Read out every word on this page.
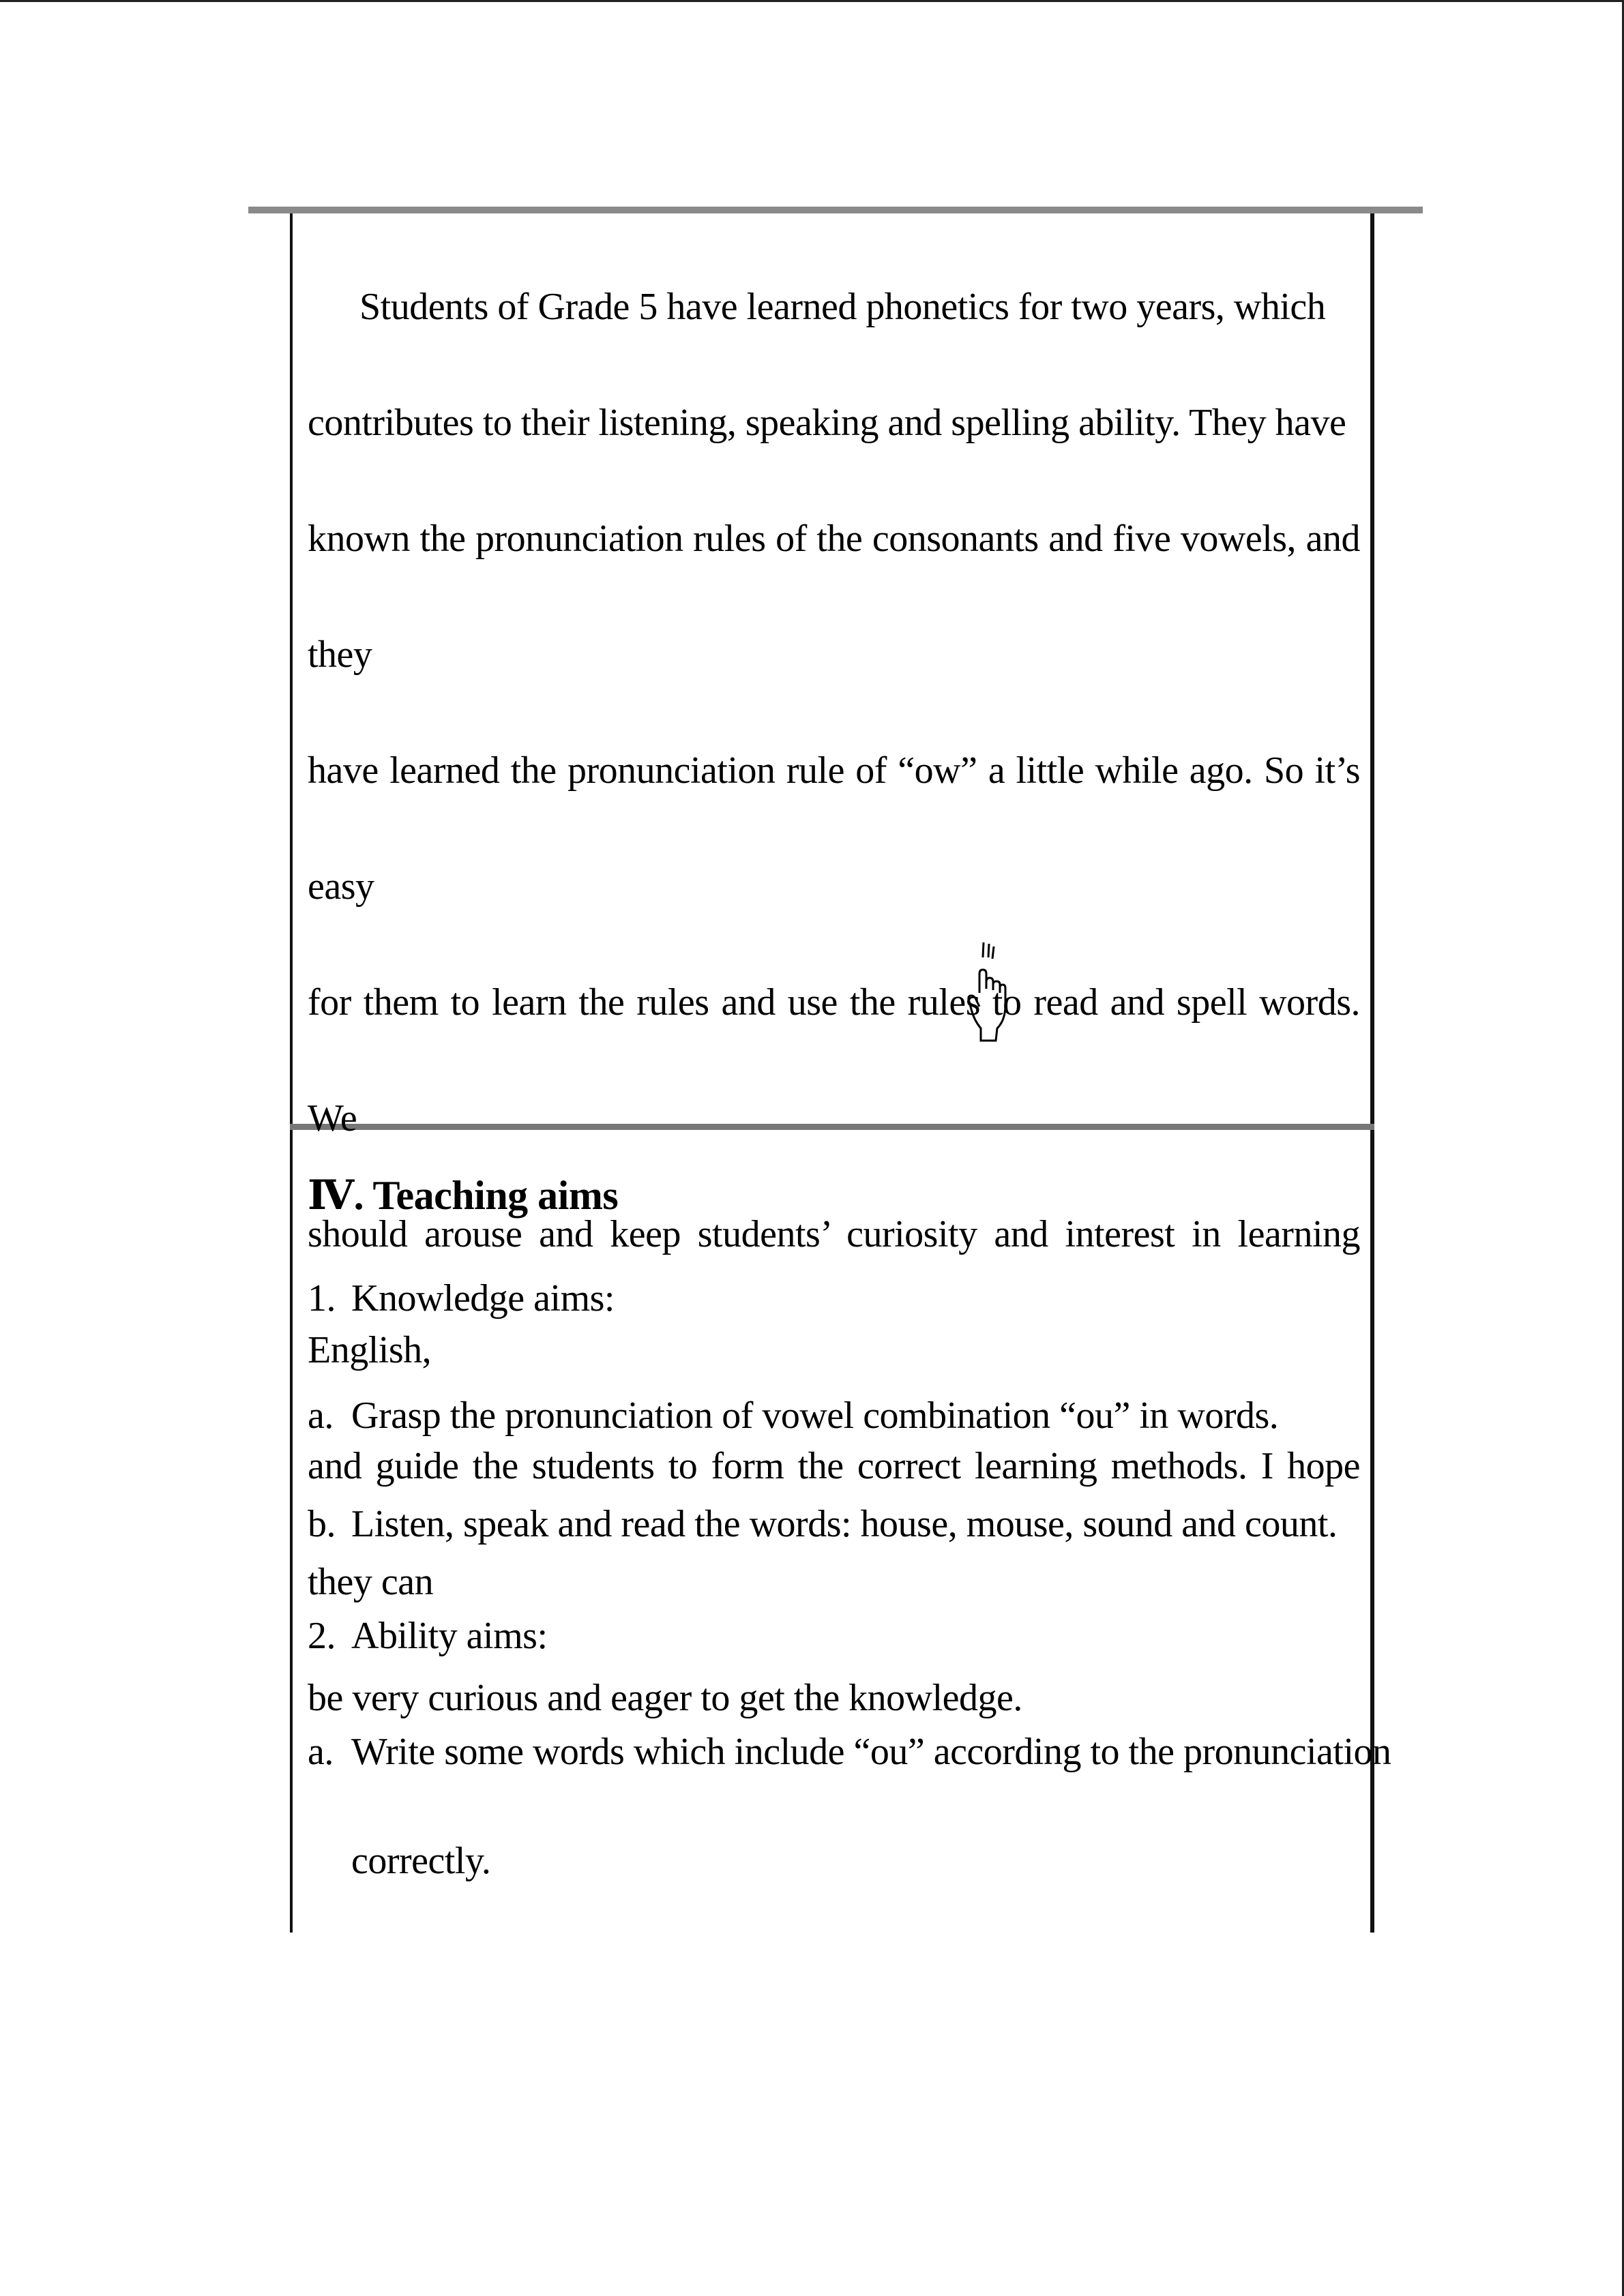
Students of Grade 5 have learned phonetics for two years, which
contributes to their listening, speaking and spelling ability. They have
known the pronunciation rules of the consonants and five vowels, and they
have learned the pronunciation rule of “ow” a little while ago. So it’s easy
for them to learn the rules and use the rules to read and spell words. We
should arouse and keep students’ curiosity and interest in learning English,
and guide the students to form the correct learning methods. I hope they can
be very curious and eager to get the knowledge.
Ⅳ. Teaching aims
1. Knowledge aims:
a. Grasp the pronunciation of vowel combination “ou” in words.
b. Listen, speak and read the words: house, mouse, sound and count.
2. Ability aims:
a. Write some words which include “ou” according to the pronunciation
correctly.
